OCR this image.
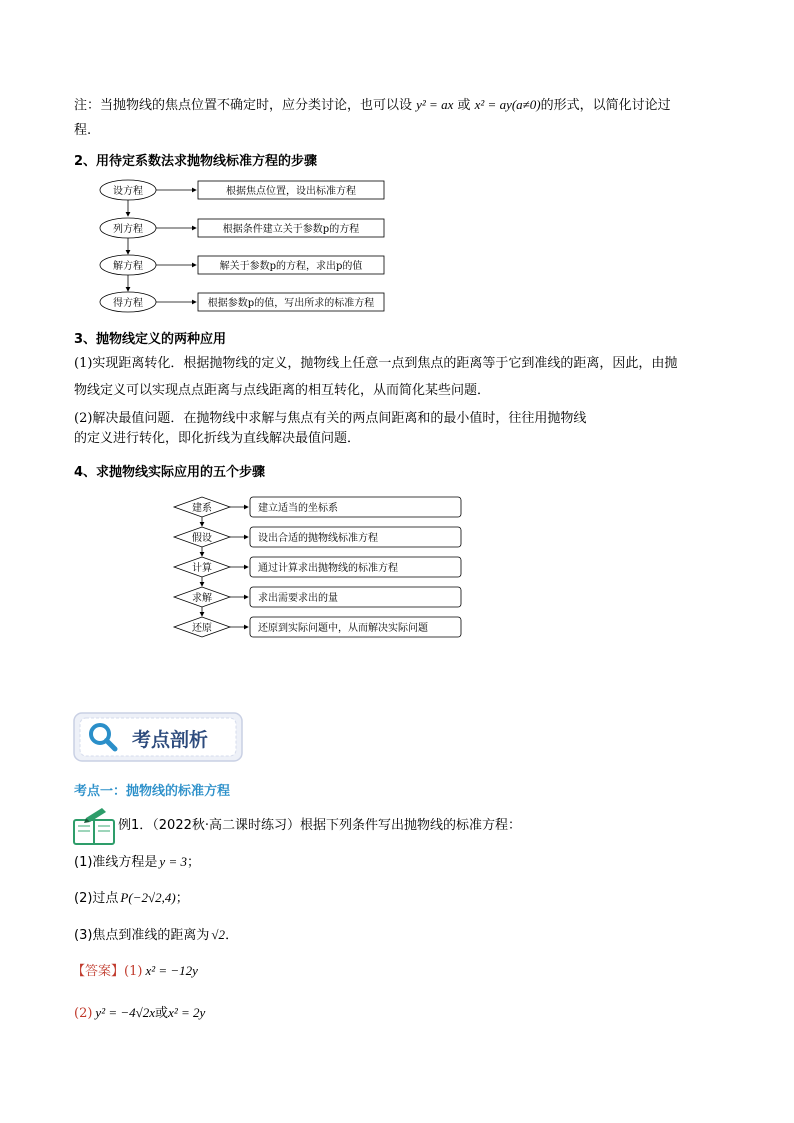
注：当抛物线的焦点位置不确定时，应分类讨论，也可以设 y² = ax 或 x² = ay(a≠0)的形式，以简化讨论过
程.
2、用待定系数法求抛物线标准方程的步骤
设方程	根据焦点位置，设出标准方程
列方程	根据条件建立关于参数p的方程
解方程	解关于参数p的方程，求出p的值
得方程	根据参数p的值，写出所求的标准方程
3、抛物线定义的两种应用
(1)实现距离转化．根据抛物线的定义，抛物线上任意一点到焦点的距离等于它到准线的距离，因此，由抛
物线定义可以实现点点距离与点线距离的相互转化，从而简化某些问题．
(2)解决最值问题．在抛物线中求解与焦点有关的两点间距离和的最小值时，往往用抛物线
的定义进行转化，即化折线为直线解决最值问题．
4、求抛物线实际应用的五个步骤
建系	建立适当的坐标系
假设	设出合适的抛物线标准方程
计算	通过计算求出抛物线的标准方程
求解	求出需要求出的量
还原	还原到实际问题中，从而解决实际问题
考点剖析
考点一：抛物线的标准方程
例1．（2022秋·高二课时练习）根据下列条件写出抛物线的标准方程：
(1)准线方程是 y = 3；
(2)过点 P(−2√2,4)；
(3)焦点到准线的距离为 √2．
【答案】(1) x² = −12y
(2) y² = −4√2x或x² = 2y
